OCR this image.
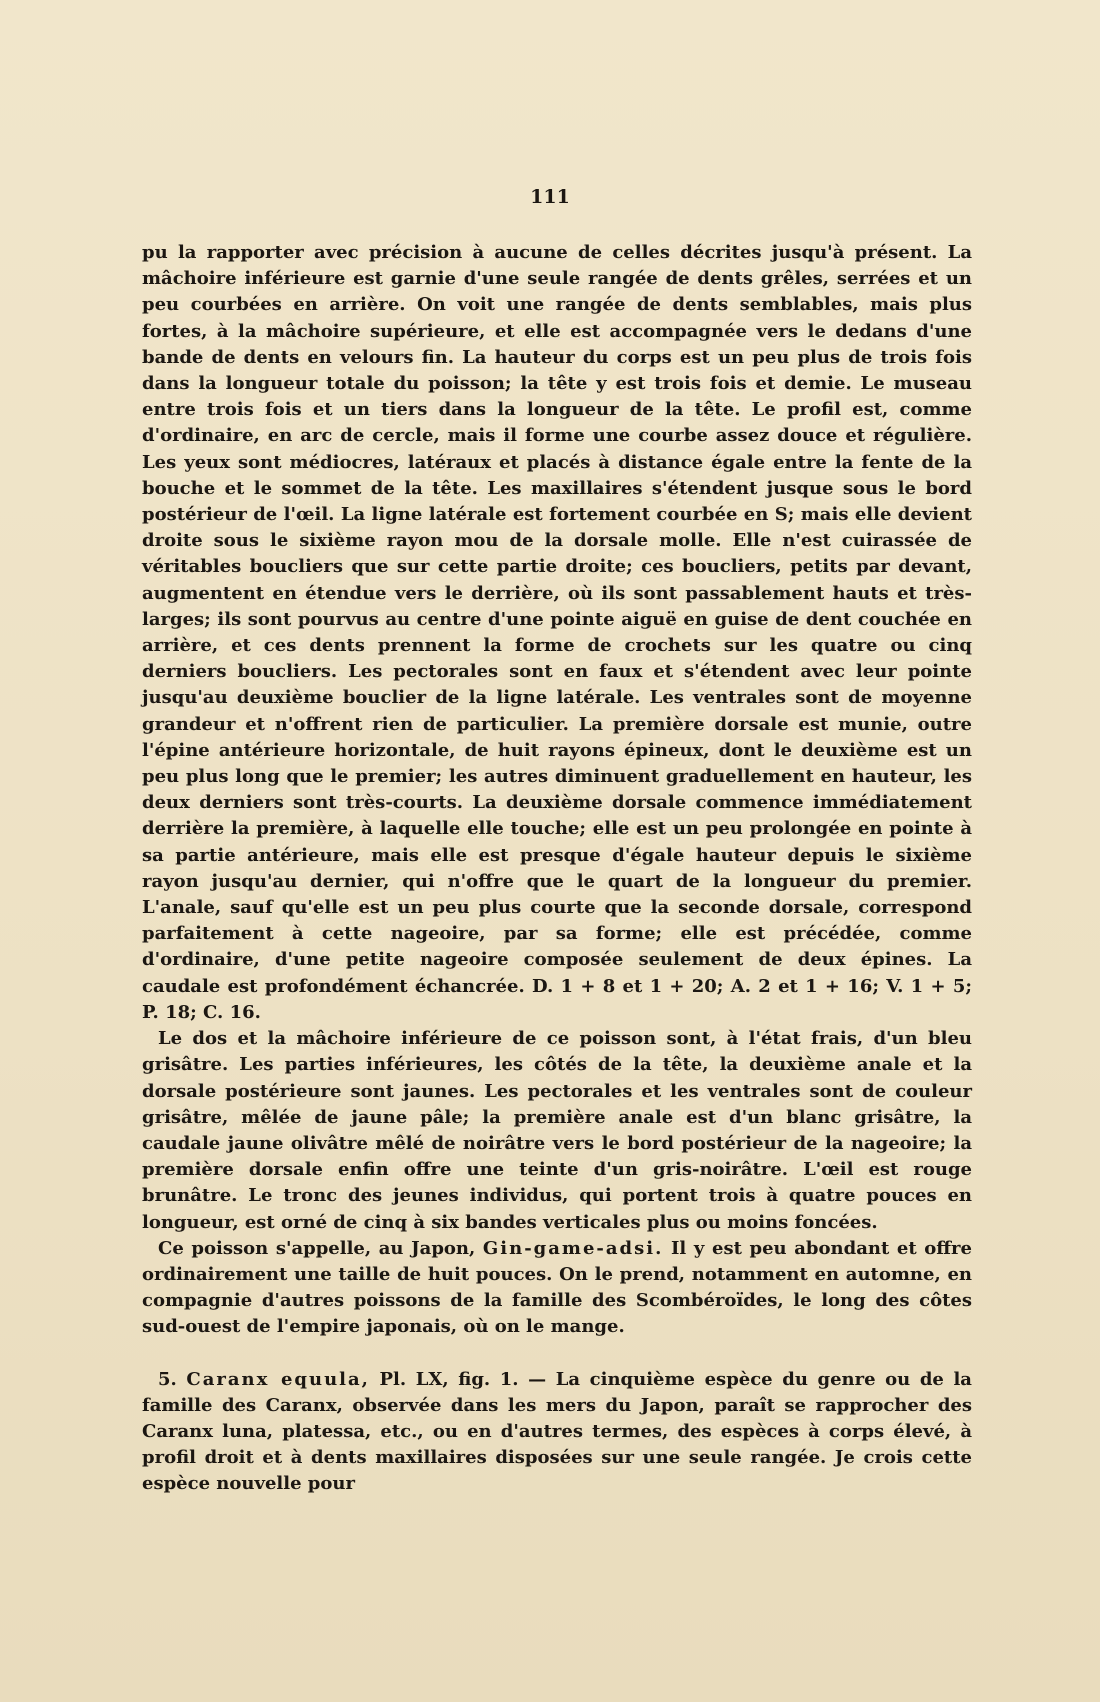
111

pu la rapporter avec précision à aucune de celles décrites jusqu'à présent. La mâchoire inférieure est garnie d'une seule rangée de dents grêles, serrées et un peu courbées en arrière. On voit une rangée de dents semblables, mais plus fortes, à la mâchoire supérieure, et elle est accompagnée vers le dedans d'une bande de dents en velours fin. La hauteur du corps est un peu plus de trois fois dans la longueur totale du poisson; la tête y est trois fois et demie. Le museau entre trois fois et un tiers dans la longueur de la tête. Le profil est, comme d'ordinaire, en arc de cercle, mais il forme une courbe assez douce et régulière. Les yeux sont médiocres, latéraux et placés à distance égale entre la fente de la bouche et le sommet de la tête. Les maxillaires s'étendent jusque sous le bord postérieur de l'œil. La ligne latérale est fortement courbée en S; mais elle devient droite sous le sixième rayon mou de la dorsale molle. Elle n'est cuirassée de véritables boucliers que sur cette partie droite; ces boucliers, petits par devant, augmentent en étendue vers le derrière, où ils sont passablement hauts et très-larges; ils sont pourvus au centre d'une pointe aiguë en guise de dent couchée en arrière, et ces dents prennent la forme de crochets sur les quatre ou cinq derniers boucliers. Les pectorales sont en faux et s'étendent avec leur pointe jusqu'au deuxième bouclier de la ligne latérale. Les ventrales sont de moyenne grandeur et n'offrent rien de particulier. La première dorsale est munie, outre l'épine antérieure horizontale, de huit rayons épineux, dont le deuxième est un peu plus long que le premier; les autres diminuent graduellement en hauteur, les deux derniers sont très-courts. La deuxième dorsale commence immédiatement derrière la première, à laquelle elle touche; elle est un peu prolongée en pointe à sa partie antérieure, mais elle est presque d'égale hauteur depuis le sixième rayon jusqu'au dernier, qui n'offre que le quart de la longueur du premier. L'anale, sauf qu'elle est un peu plus courte que la seconde dorsale, correspond parfaitement à cette nageoire, par sa forme; elle est précédée, comme d'ordinaire, d'une petite nageoire composée seulement de deux épines. La caudale est profondément échancrée. D. 1 + 8 et 1 + 20; A. 2 et 1 + 16; V. 1 + 5; P. 18; C. 16.

Le dos et la mâchoire inférieure de ce poisson sont, à l'état frais, d'un bleu grisâtre. Les parties inférieures, les côtés de la tête, la deuxième anale et la dorsale postérieure sont jaunes. Les pectorales et les ventrales sont de couleur grisâtre, mêlée de jaune pâle; la première anale est d'un blanc grisâtre, la caudale jaune olivâtre mêlé de noirâtre vers le bord postérieur de la nageoire; la première dorsale enfin offre une teinte d'un gris-noirâtre. L'œil est rouge brunâtre. Le tronc des jeunes individus, qui portent trois à quatre pouces en longueur, est orné de cinq à six bandes verticales plus ou moins foncées.

Ce poisson s'appelle, au Japon, Gin-game-adsi. Il y est peu abondant et offre ordinairement une taille de huit pouces. On le prend, notamment en automne, en compagnie d'autres poissons de la famille des Scombéroïdes, le long des côtes sud-ouest de l'empire japonais, où on le mange.

5. Caranx equula, Pl. LX, fig. 1. — La cinquième espèce du genre ou de la famille des Caranx, observée dans les mers du Japon, paraît se rapprocher des Caranx luna, platessa, etc., ou en d'autres termes, des espèces à corps élevé, à profil droit et à dents maxillaires disposées sur une seule rangée. Je crois cette espèce nouvelle pour
